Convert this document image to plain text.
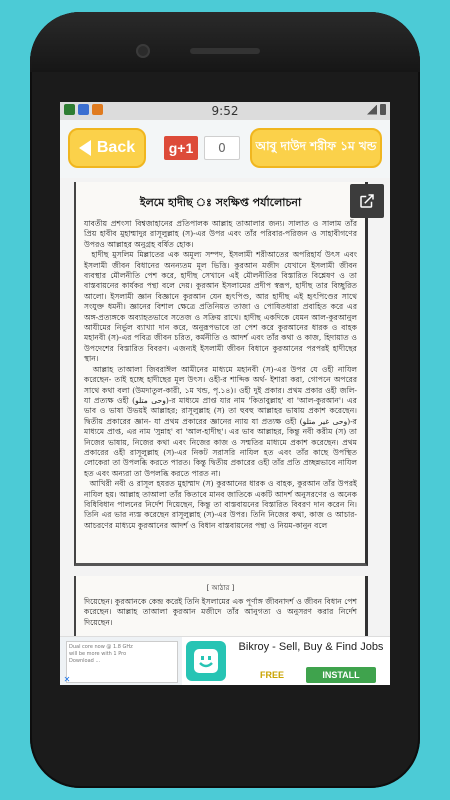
9:52
Back	g+1	0	আবু দাউদ শরীফ ১ম খন্ড
ইলমে হাদীছ ঃ সংক্ষিপ্ত পর্যালোচনা
যাবতীয় প্রশংসা বিশ্বজাহানের প্রতিপালক আল্লাহ তাআলার জন্য। সালাত ও সালাম তাঁর প্রিয় হাবীব মুহাম্মাদুর রাসূলুল্লাহ (স)-এর উপর এবং তাঁর পরিবার-পরিজন ও সাহাবীগণের উপরও আল্লাহর অনুগ্রহ বর্ষিত হোক।
হাদীছ মুসলিম মিল্লাতের এক অমূল্য সম্পদ, ইসলামী শরীআতের অপরিহার্য উৎস এবং ইসলামী জীবন বিধানের অনন্যতম মূল ভিত্তি। কুরআন মজীদ যেখানে ইসলামী জীবন ব্যবস্থার মৌলনীতি পেশ করে, হাদীছ সেখানে এই মৌলনীতির বিস্তারিত বিশ্লেষণ ও তা বাস্তবায়নের কার্যকর পন্থা বলে দেয়। কুরআন ইসলামের প্রদীপ স্বরূপ, হাদীছ তার বিচ্ছুরিত আলো। ইসলামী জ্ঞান বিজ্ঞানে কুরআন যেন হৃৎপিণ্ড, আর হাদীছ এই হৃৎপিণ্ডের সাথে সংযুক্ত ধমনী। জ্ঞানের বিশাল ক্ষেত্রে প্রতিনিয়ত তাজা ও পোষিতধারা প্রবাহিত করে এর অঙ্গ-প্রত্যঙ্গকে অব্যাহতভাবে সতেজ ও সক্রিয় রাখে। হাদীছ একদিকে যেমন আল-কুরআনুল আযীমের নির্ভুল ব্যাখ্যা দান করে, অনুরূপভাবে তা পেশ করে কুরআনের ধারক ও বাহক মহানবী (স)-এর পবিত্র জীবন চরিত, কর্মনীতি ও আদর্শ এবং তাঁর কথা ও কাজ, হিদায়াত ও উপদেশের বিস্তারিত বিবরণ। এজন্যই ইসলামী জীবন বিধানে কুরআনের পরপরই হাদীছের স্থান।
আল্লাহ তাআলা জিবরাঈল আমীনের মাধ্যমে মহানবী (স)-এর উপর যে ওহী নাযিল করেছেন- তাই হচ্ছে হাদীছের মূল উৎস। ওহী-র শাব্দিক অর্থ- ইশারা করা, গোপনে অপরের সাথে কথা বলা (উমদাতুল-কারী, ১ম খন্ড, পৃ.১৪)। ওহী দুই প্রকার। প্রথম প্রকার ওহী জলি- যা প্রত্যক্ষ ওহী (وحى متلو)-র মাধ্যমে প্রাপ্ত যার নাম 'কিতাবুল্লাহ' বা 'আল-কুরআন'। এর ভাব ও ভাষা উভয়ই আল্লাহর; রাসূলুল্লাহ (স) তা হুবহু আল্লাহর ভাষায় প্রকাশ করেছেন। দ্বিতীয় প্রকারের জ্ঞান- যা প্রথম প্রকারের জ্ঞানের ন্যায় যা প্রত্যক্ষ ওহী (وحى غير متلو)-র মাধ্যমে প্রাপ্ত, এর নাম 'সুন্নাহ' বা 'আল-হাদীছ'। এর ভাব আল্লাহর, কিন্তু নবী করীম (স) তা নিজের ভাষায়, নিজের কথা এবং নিজের কাজ ও সম্মতির মাধ্যমে প্রকাশ করেছেন। প্রথম প্রকারের ওহী রাসূলুল্লাহ (স)-এর নিকট সরাসরি নাযিল হত এবং তাঁর কাছে উপস্থিত লোকেরা তা উপলব্ধি করতে পারত। কিন্তু দ্বিতীয় প্রকারের ওহী তাঁর প্রতি প্রচ্ছন্নভাবে নাযিল হত এবং অন্যরা তা উপলব্ধি করতে পারত না।
আখিরী নবী ও রাসূল হযরত মুহাম্মাদ (স) কুরআনের ধারক ও বাহক, কুরআন তাঁর উপরই নাযিল হয়। আল্লাহ তাআলা তাঁর কিতাবে মানব জাতিকে একটি আদর্শ অনুসরণের ও অনেক বিধিবিধান পালনের নির্দেশ দিয়েছেন, কিন্তু তা বাস্তবায়নের বিস্তারিত বিবরণ দান করেন নি। তিনি এর ভার ন্যস্ত করেছেন রাসূলুল্লাহ (স)-এর উপর। তিনি নিজের কথা, কাজ ও আচার-আচরণের মাধ্যমে কুরআনের আদর্শ ও বিধান বাস্তবায়নের পন্থা ও নিয়ম-কানুন বলে
[ আঠার ]
দিয়েছেন। কুরআনকে কেন্দ্র করেই তিনি ইসলামের এক পূর্ণাঙ্গ জীবনাদর্শ ও জীবন বিধান পেশ করেছেন। আল্লাহ তাআলা কুরআন মজীদে তাঁর আনুগত্য ও অনুসরণ করার নির্দেশ দিয়েছেন।
Dual core now @ 1.8 GHz
will be more with 1 Pro
Download ...
✕
Bikroy - Sell, Buy & Find Jobs
FREE	INSTALL
